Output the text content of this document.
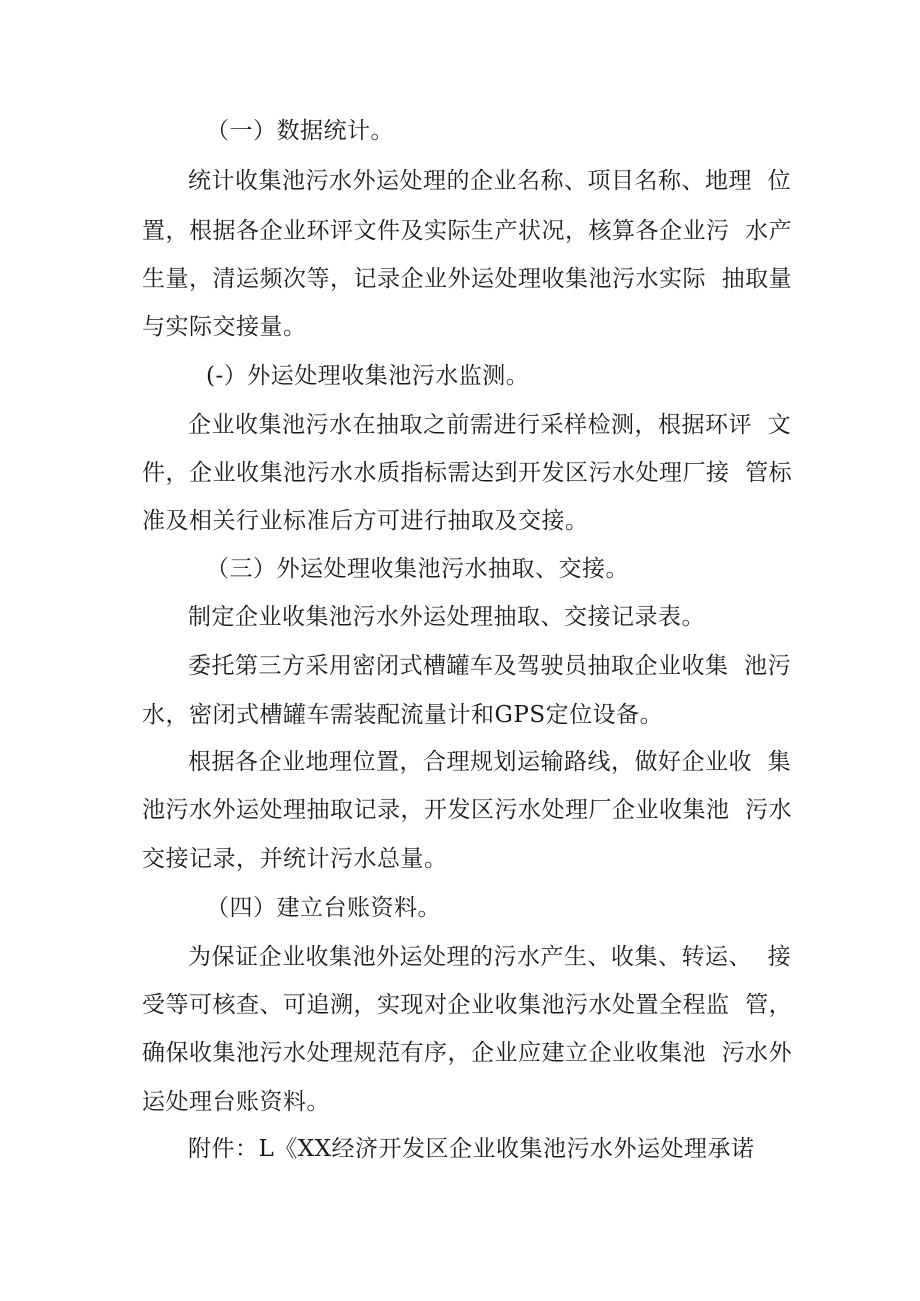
（一）数据统计。
统计收集池污水外运处理的企业名称、项目名称、地理  位
置，根据各企业环评文件及实际生产状况，核算各企业污  水产
生量，清运频次等，记录企业外运处理收集池污水实际  抽取量
与实际交接量。
(-）外运处理收集池污水监测。
企业收集池污水在抽取之前需进行采样检测，根据环评  文
件，企业收集池污水水质指标需达到开发区污水处理厂接  管标
准及相关行业标准后方可进行抽取及交接。
（三）外运处理收集池污水抽取、交接。
制定企业收集池污水外运处理抽取、交接记录表。
委托第三方采用密闭式槽罐车及驾驶员抽取企业收集  池污
水，密闭式槽罐车需装配流量计和GPS定位设备。
根据各企业地理位置，合理规划运输路线，做好企业收  集
池污水外运处理抽取记录，开发区污水处理厂企业收集池  污水
交接记录，并统计污水总量。
（四）建立台账资料。
为保证企业收集池外运处理的污水产生、收集、转运、  接
受等可核查、可追溯，实现对企业收集池污水处置全程监  管，
确保收集池污水处理规范有序，企业应建立企业收集池  污水外
运处理台账资料。
附件：L《XX经济开发区企业收集池污水外运处理承诺
